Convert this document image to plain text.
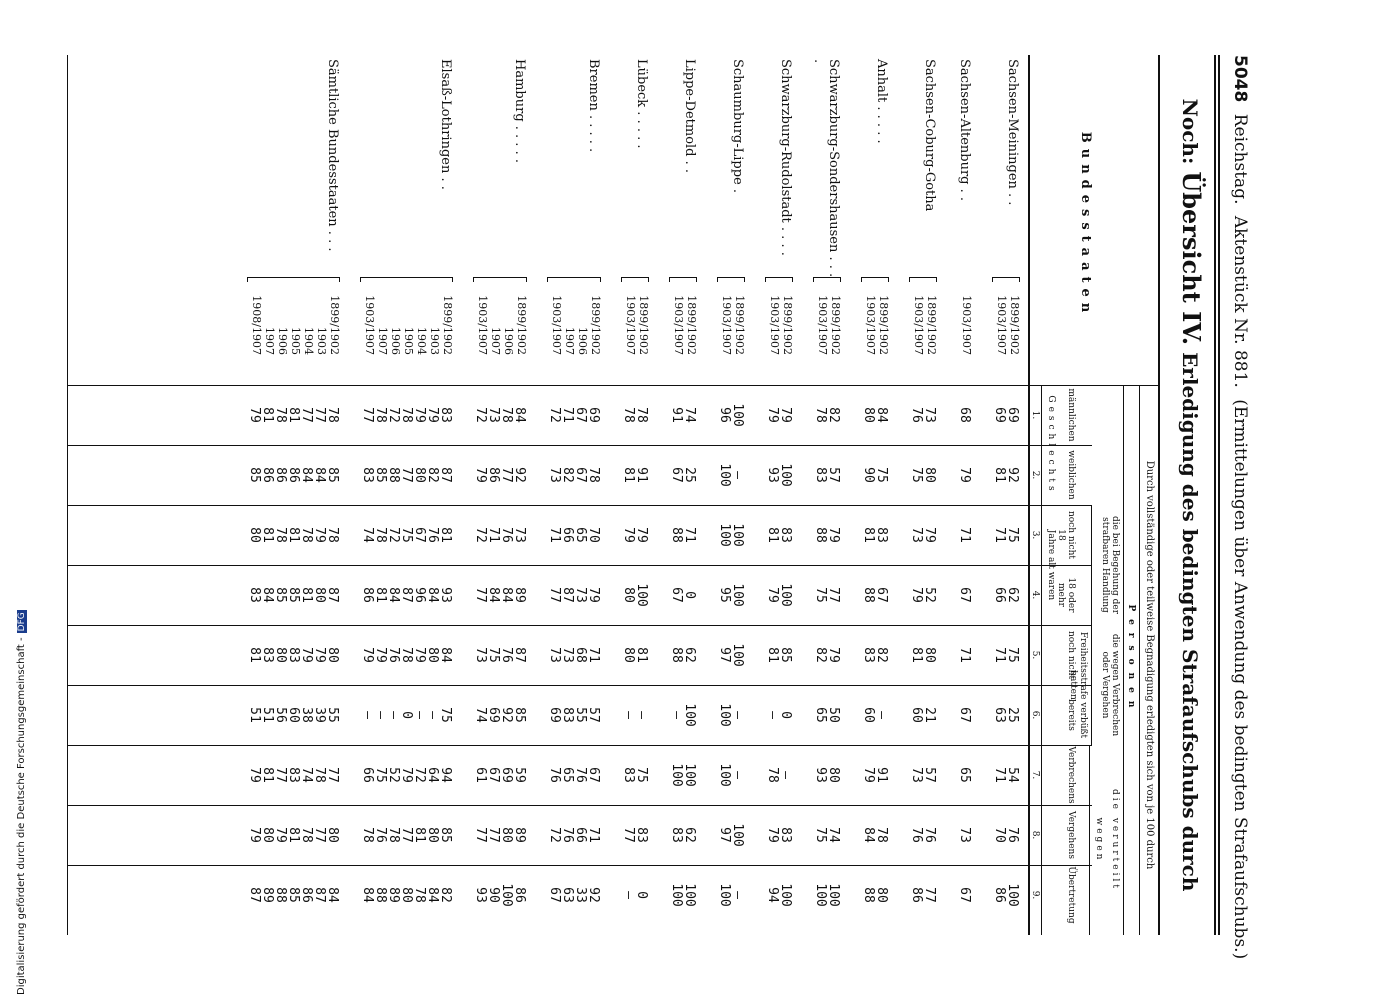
5048 Reichstag. Aktenstück Nr. 881. (Ermittelungen über Anwendung des bedingten Strafaufschubs.)
Noch: Übersicht IV. Erledigung des bedingten Strafaufschubs durch
Bundesstaaten
Durch vollständige oder teilweise Begnadigung erledigten sich von je 100 durch
Personen
Geschlechts
die bei Begehung der strafbaren Handlung
Jahre alt waren
die wegen Verbrechen oder Vergehen
Freiheitsstrafe verbüßt hatten
die verurteilt
wegen
männlichen
1.
weiblichen
2.
noch nicht 18
3.
18 oder mehr
4.
noch nicht
5.
bereits
6.
Verbrechens
7.
Vergehens
8.
Übertretung
9.
Sachsen-Meiningen . .
1899/1902
69
92
75
62
75
25
54
76
100
1903/1907
69
81
71
66
71
63
71
70
86
Sachsen-Altenburg . .
1903/1907
68
79
71
67
71
67
65
73
67
Sachsen-Coburg-Gotha
1899/1902
73
80
79
52
80
21
57
76
77
1903/1907
76
75
73
79
81
60
73
76
86
Anhalt . . . . .
1899/1902
84
75
83
67
82
—
91
78
80
1903/1907
80
90
81
88
83
60
79
84
88
Schwarzburg-Sondershausen . . . .
1899/1902
82
57
79
77
79
50
80
74
100
1903/1907
78
83
88
75
82
65
93
75
100
Schwarzburg-Rudolstadt . . . .
1899/1902
79
100
83
100
85
0
—
83
100
1903/1907
79
93
81
79
81
—
78
79
94
Schaumburg-Lippe .
1899/1902
100
—
100
100
100
—
—
100
—
1903/1907
96
100
100
95
97
100
100
97
100
Lippe-Detmold . .
1899/1902
74
25
71
0
62
100
100
62
100
1903/1907
91
67
88
67
88
—
100
83
100
Lübeck . . . . .
1899/1902
78
91
79
100
81
—
75
83
0
1903/1907
78
81
79
80
80
—
83
77
—
Bremen . . . . .
1899/1902
69
78
70
79
71
57
67
71
92
1906
67
67
65
73
68
55
76
66
33
1907
71
82
66
87
73
83
65
76
63
1903/1907
72
73
71
77
73
69
76
72
67
Hamburg . . . . .
1899/1902
84
92
73
89
87
85
59
89
86
1906
78
77
76
84
76
92
69
80
100
1907
73
86
71
84
75
69
67
77
90
1903/1907
72
79
72
77
73
74
61
77
93
Elsaß-Lothringen . .
1899/1902
83
87
81
93
84
75
94
85
82
1903
79
82
76
84
80
—
64
80
84
1904
79
80
67
96
79
—
72
81
78
1905
78
77
75
87
78
0
79
77
80
1906
72
88
72
84
76
—
52
78
89
1907
78
85
78
81
79
—
75
76
88
1903/1907
77
83
74
86
79
—
66
78
84
Sämtliche Bundesstaaten . . .
1899/1902
78
85
78
87
80
55
77
80
84
1903
77
84
79
80
79
39
78
77
87
1904
77
84
78
81
79
38
74
78
86
1905
81
86
81
85
83
60
83
81
85
1906
78
86
78
85
80
56
77
79
88
1907
81
86
81
84
83
51
81
80
89
1908/1907
79
85
80
83
81
51
79
79
87
Digitalisierung gefördert durch die Deutsche Forschungsgemeinschaft -DFG
